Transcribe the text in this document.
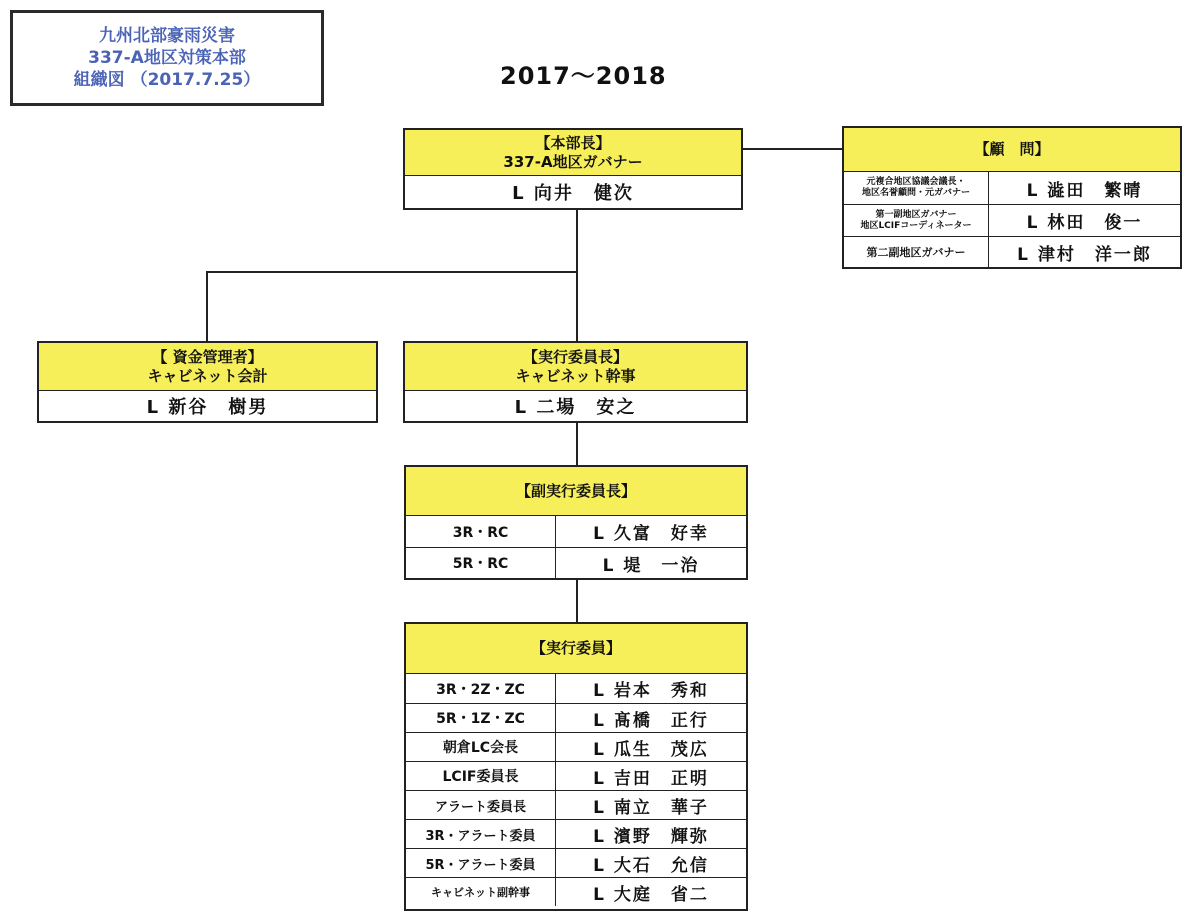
九州北部豪雨災害
337-A地区対策本部
組織図 （2017.7.25）	2017～2018
【本部長】
337-A地区ガバナー
L 向井　健次
【顧　問】
元複合地区協議会議長・
地区名誉顧問・元ガバナー	L 澁田　繁晴
第一副地区ガバナー
地区LCIFコーディネーター	L 林田　俊一
第二副地区ガバナー	L 津村　洋一郎
【 資金管理者】
キャビネット会計
L 新谷　樹男
【実行委員長】
キャビネット幹事
L 二場　安之
【副実行委員長】
3R・RC	L 久富　好幸
5R・RC	L 堤　一治
【実行委員】
3R・2Z・ZC	L 岩本　秀和
5R・1Z・ZC	L 髙橋　正行
朝倉LC会長	L 瓜生　茂広
LCIF委員長	L 吉田　正明
アラート委員長	L 南立　華子
3R・アラート委員	L 濱野　輝弥
5R・アラート委員	L 大石　允信
キャビネット副幹事	L 大庭　省二
